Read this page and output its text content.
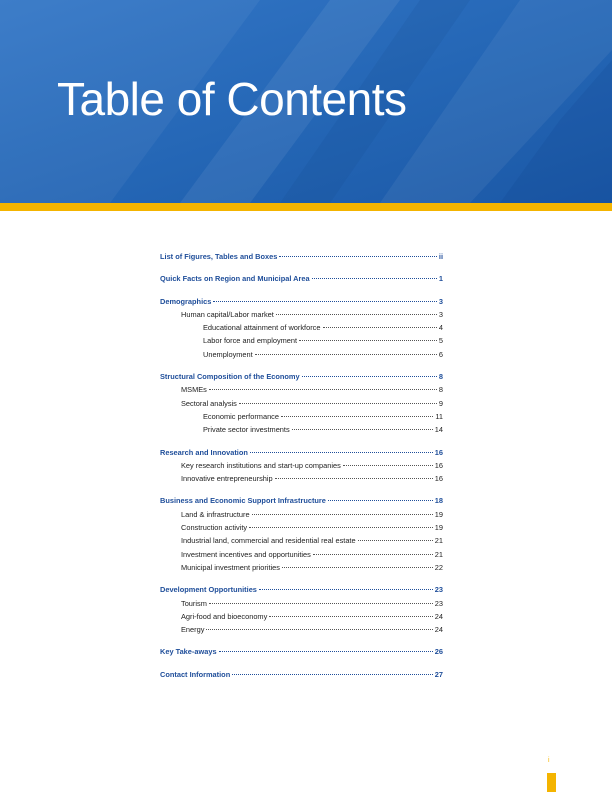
Table of Contents
List of Figures, Tables and Boxes	ii
Quick Facts on Region and Municipal Area	1
Demographics	3
Human capital/Labor market	3
Educational attainment of workforce	4
Labor force and employment	5
Unemployment	6
Structural Composition of the Economy	8
MSMEs	8
Sectoral analysis	9
Economic performance	11
Private sector investments	14
Research and Innovation	16
Key research institutions and start-up companies	16
Innovative entrepreneurship	16
Business and Economic Support Infrastructure	18
Land & infrastructure	19
Construction activity	19
Industrial land, commercial and residential real estate	21
Investment incentives and opportunities	21
Municipal investment priorities	22
Development Opportunities	23
Tourism	23
Agri-food and bioeconomy	24
Energy	24
Key Take-aways	26
Contact Information	27
i
